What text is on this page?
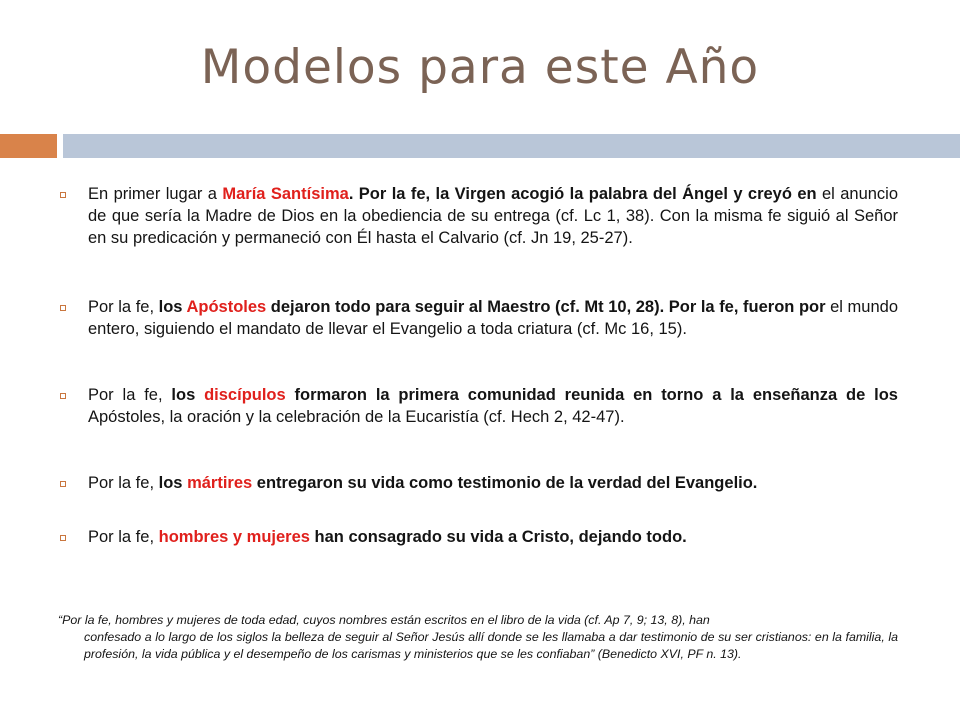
Modelos para este Año
En primer lugar a María Santísima. Por la fe, la Virgen acogió la palabra del Ángel y creyó en el anuncio de que sería la Madre de Dios en la obediencia de su entrega (cf. Lc 1, 38). Con la misma fe siguió al Señor en su predicación y permaneció con Él hasta el Calvario (cf. Jn 19, 25-27).
Por la fe, los Apóstoles dejaron todo para seguir al Maestro (cf. Mt 10, 28). Por la fe, fueron por el mundo entero, siguiendo el mandato de llevar el Evangelio a toda criatura (cf. Mc 16, 15).
Por la fe, los discípulos formaron la primera comunidad reunida en torno a la enseñanza de los Apóstoles, la oración y la celebración de la Eucaristía (cf. Hech 2, 42-47).
Por la fe, los mártires entregaron su vida como testimonio de la verdad del Evangelio.
Por la fe, hombres y mujeres han consagrado su vida a Cristo, dejando todo.
“Por la fe, hombres y mujeres de toda edad, cuyos nombres están escritos en el libro de la vida (cf. Ap 7, 9; 13, 8), han
confesado a lo largo de los siglos la belleza de seguir al Señor Jesús allí donde se les llamaba a dar testimonio de su ser cristianos: en la familia, la profesión, la vida pública y el desempeño de los carismas y ministerios que se les confiaban” (Benedicto XVI, PF n. 13).
